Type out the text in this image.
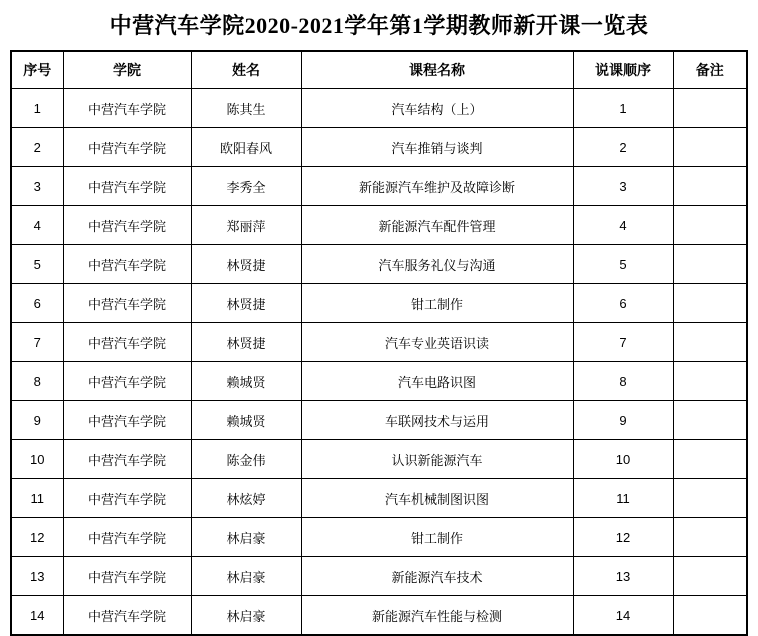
中营汽车学院2020-2021学年第1学期教师新开课一览表
序号	学院	姓名	课程名称	说课顺序	备注
1	中营汽车学院	陈其生	汽车结构（上）	1	
2	中营汽车学院	欧阳春风	汽车推销与谈判	2	
3	中营汽车学院	李秀全	新能源汽车维护及故障诊断	3	
4	中营汽车学院	郑丽萍	新能源汽车配件管理	4	
5	中营汽车学院	林贤捷	汽车服务礼仪与沟通	5	
6	中营汽车学院	林贤捷	钳工制作	6	
7	中营汽车学院	林贤捷	汽车专业英语识读	7	
8	中营汽车学院	赖城贤	汽车电路识图	8	
9	中营汽车学院	赖城贤	车联网技术与运用	9	
10	中营汽车学院	陈金伟	认识新能源汽车	10	
11	中营汽车学院	林炫婷	汽车机械制图识图	11	
12	中营汽车学院	林启豪	钳工制作	12	
13	中营汽车学院	林启豪	新能源汽车技术	13	
14	中营汽车学院	林启豪	新能源汽车性能与检测	14	
